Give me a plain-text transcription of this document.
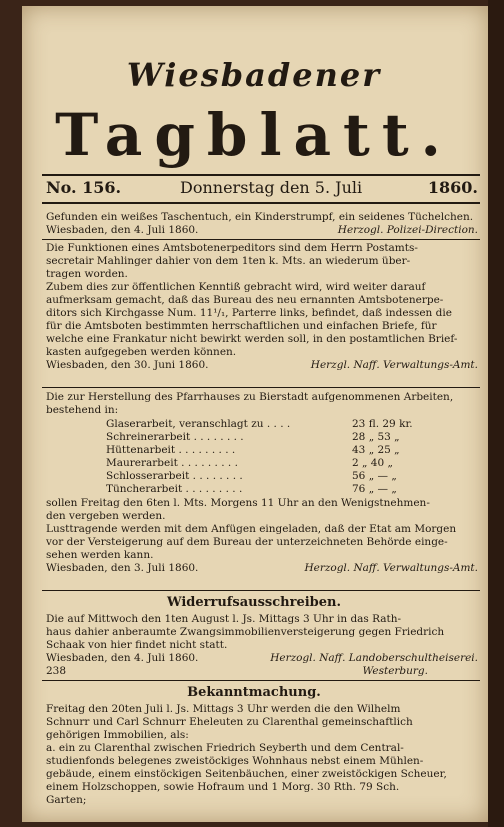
Wiesbadener
Tagblatt.
No. 156.	Donnerstag den 5. Juli	1860.
Gefunden ein weißes Taschentuch, ein Kinderstrumpf, ein seidenes Tüchelchen.
Wiesbaden, den 4. Juli 1860.	Herzogl. Polizei-Direction.
Die Funktionen eines Amtsbotenerpeditors sind dem Herrn Postamts-
secretair Mahlinger dahier von dem 1ten k. Mts. an wiederum über-
tragen worden.
Zubem dies zur öffentlichen Kenntiß gebracht wird, wird weiter darauf
aufmerksam gemacht, daß das Bureau des neu ernannten Amtsbotenerpe-
ditors sich Kirchgasse Num. 11¹/₁, Parterre links, befindet, daß indessen die
für die Amtsboten bestimmten herrschaftlichen und einfachen Briefe, für
welche eine Frankatur nicht bewirkt werden soll, in den postamtlichen Brief-
kasten aufgegeben werden können.
Wiesbaden, den 30. Juni 1860.	Herzgl. Naff. Verwaltungs-Amt.
Die zur Herstellung des Pfarrhauses zu Bierstadt aufgenommenen Arbeiten,
bestehend in:
Glaserarbeit, veranschlagt zu . . . .	23 fl. 29 kr.
Schreinerarbeit . . . . . . . .	28 „ 53 „
Hüttenarbeit . . . . . . . . .	43 „ 25 „
Maurerarbeit . . . . . . . . .	2 „ 40 „
Schlosserarbeit . . . . . . . .	56 „ — „
Tüncherarbeit . . . . . . . . .	76 „ — „
sollen Freitag den 6ten l. Mts. Morgens 11 Uhr an den Wenigstnehmen-
den vergeben werden.
Lusttragende werden mit dem Anfügen eingeladen, daß der Etat am Morgen
vor der Versteigerung auf dem Bureau der unterzeichneten Behörde einge-
sehen werden kann.
Wiesbaden, den 3. Juli 1860.	Herzogl. Naff. Verwaltungs-Amt.
Widerrufsausschreiben.
Die auf Mittwoch den 1ten August l. Js. Mittags 3 Uhr in das Rath-
haus dahier anberaumte Zwangsimmobilienversteigerung gegen Friedrich
Schaak von hier findet nicht statt.
Wiesbaden, den 4. Juli 1860.	Herzogl. Naff. Landoberschultheiserei.
238	Westerburg.
Bekanntmachung.
Freitag den 20ten Juli l. Js. Mittags 3 Uhr werden die den Wilhelm
Schnurr und Carl Schnurr Eheleuten zu Clarenthal gemeinschaftlich
gehörigen Immobilien, als:
a. ein zu Clarenthal zwischen Friedrich Seyberth und dem Central-
studienfonds belegenes zweistöckiges Wohnhaus nebst einem Mühlen-
gebäude, einem einstöckigen Seitenbäuchen, einer zweistöckigen Scheuer,
einem Holzschoppen, sowie Hofraum und 1 Morg. 30 Rth. 79 Sch.
Garten;
